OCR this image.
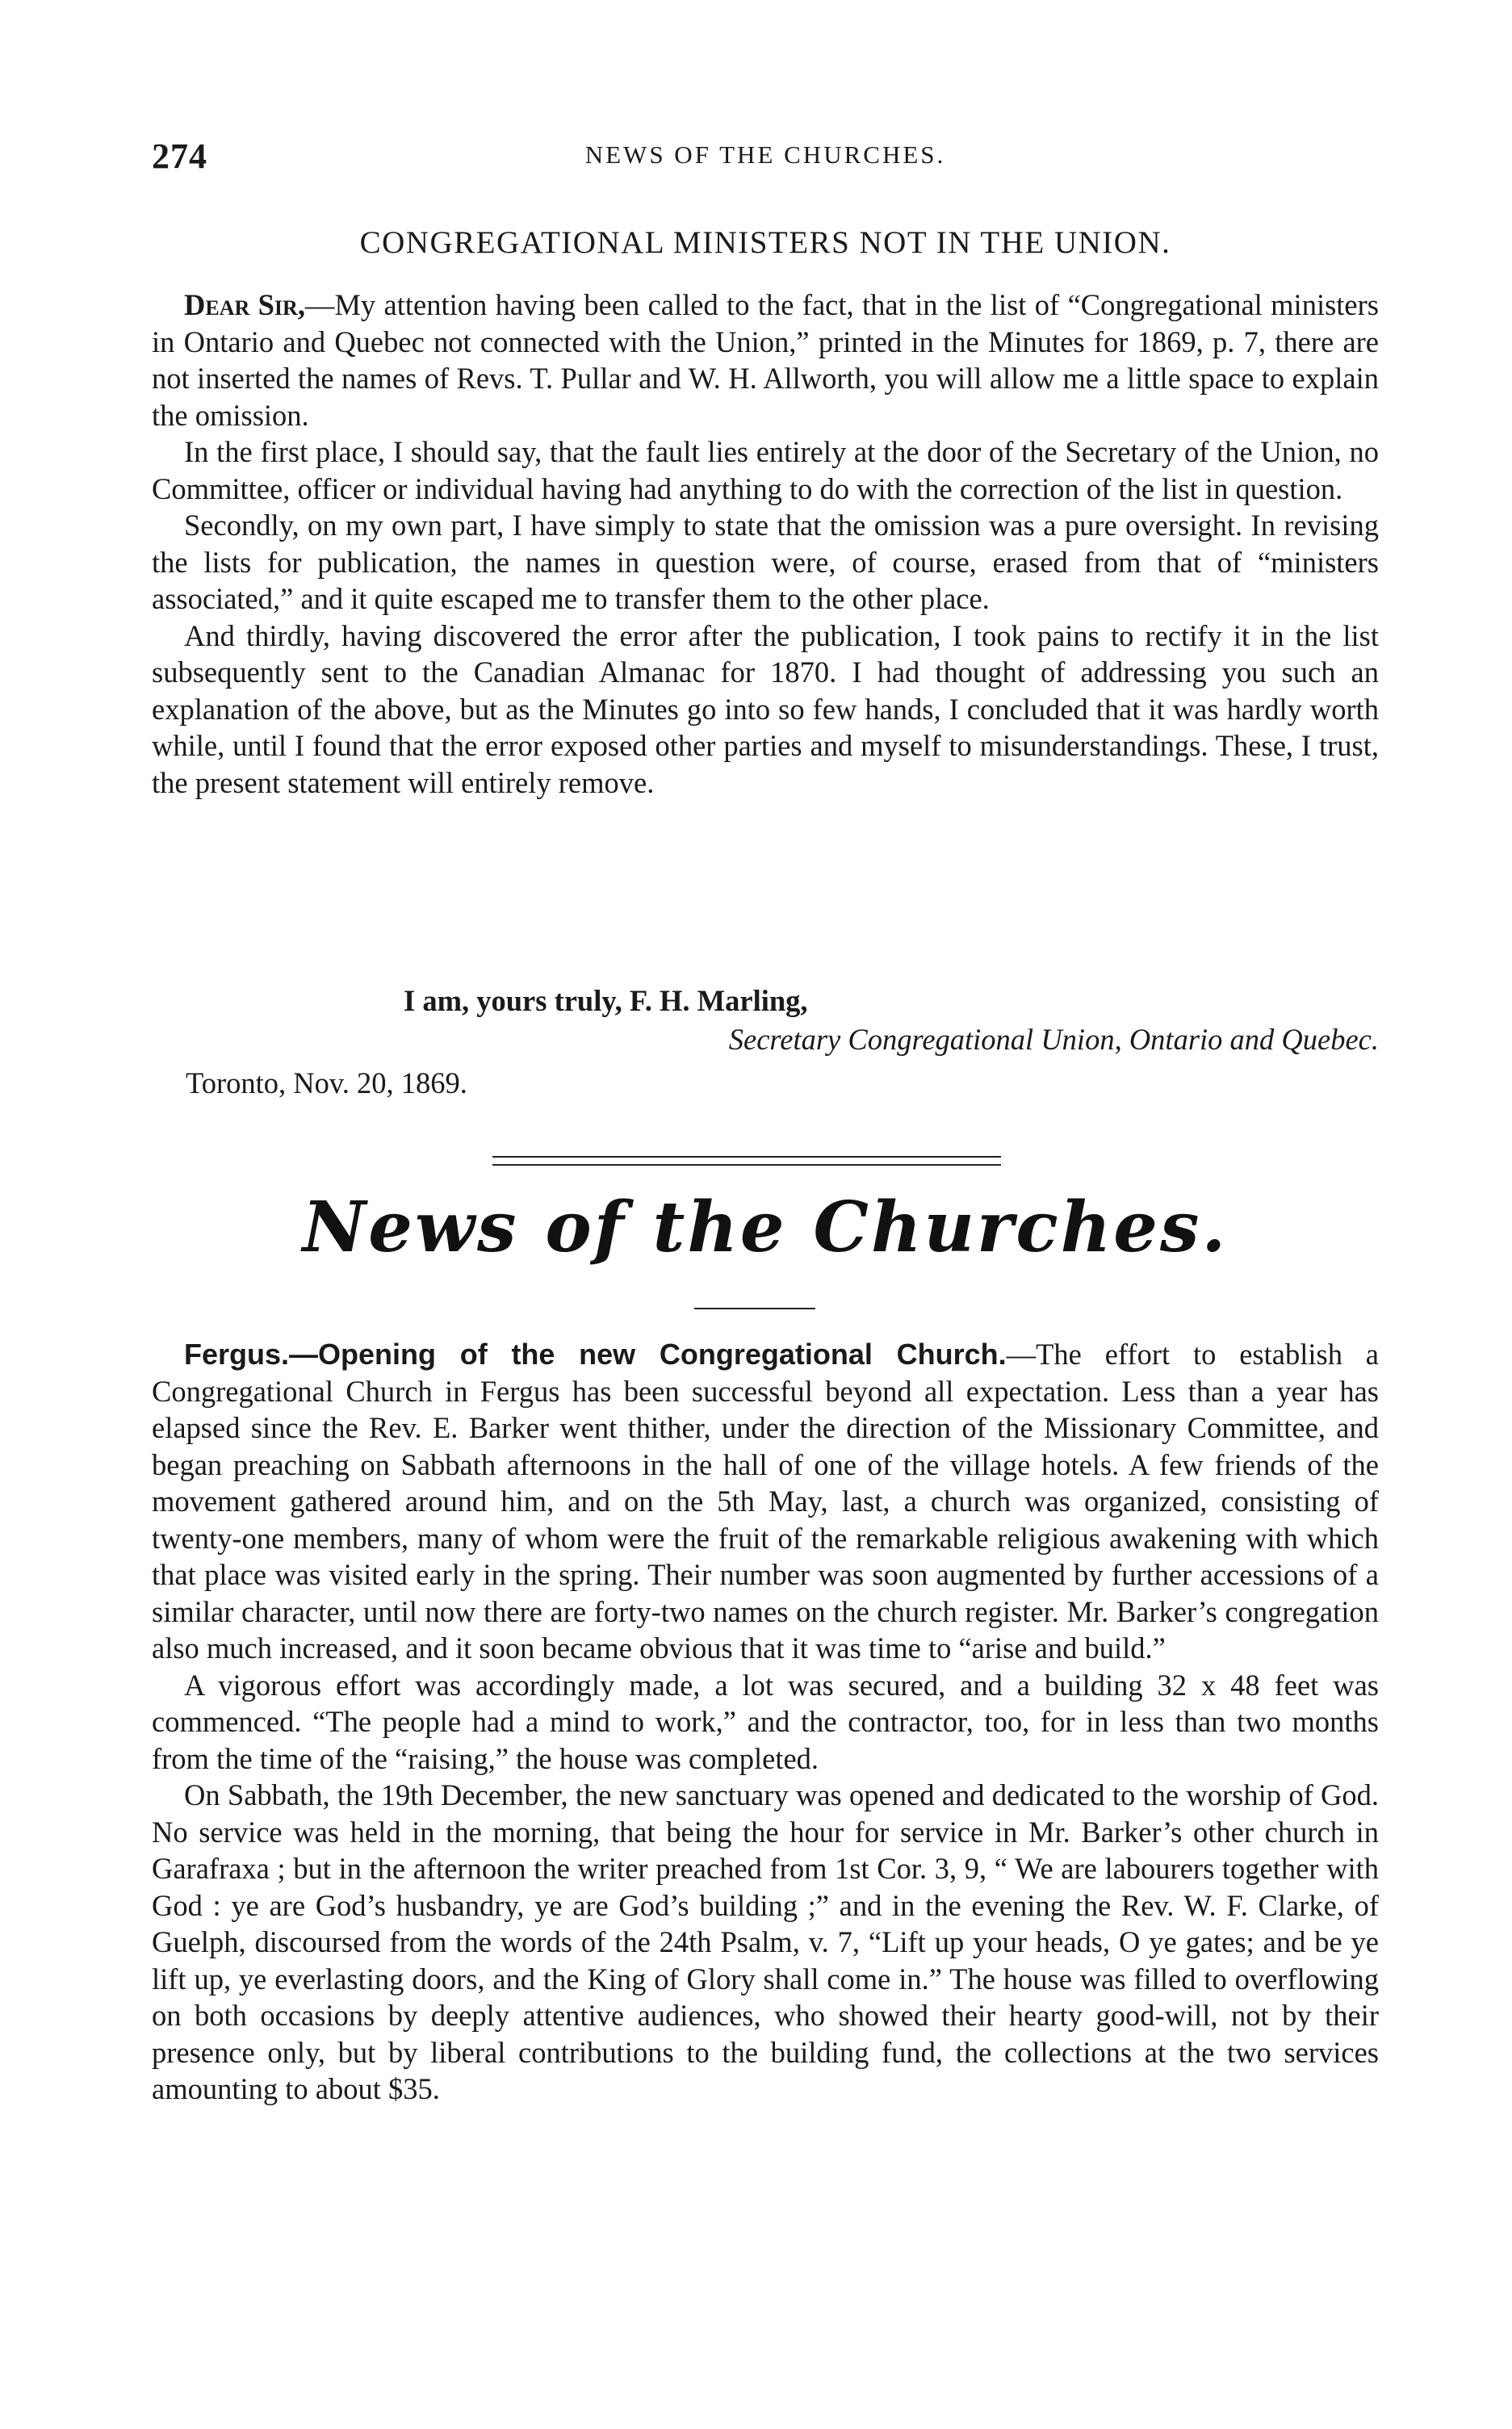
274	NEWS OF THE CHURCHES.
CONGREGATIONAL MINISTERS NOT IN THE UNION.

Dear Sir,—My attention having been called to the fact, that in the list of “Congregational ministers in Ontario and Quebec not connected with the Union,” printed in the Minutes for 1869, p. 7, there are not inserted the names of Revs. T. Pullar and W. H. Allworth, you will allow me a little space to explain the omission.

In the first place, I should say, that the fault lies entirely at the door of the Secretary of the Union, no Committee, officer or individual having had anything to do with the correction of the list in question.

Secondly, on my own part, I have simply to state that the omission was a pure oversight. In revising the lists for publication, the names in question were, of course, erased from that of “ministers associated,” and it quite escaped me to transfer them to the other place.

And thirdly, having discovered the error after the publication, I took pains to rectify it in the list subsequently sent to the Canadian Almanac for 1870. I had thought of addressing you such an explanation of the above, but as the Minutes go into so few hands, I concluded that it was hardly worth while, until I found that the error exposed other parties and myself to misunderstandings. These, I trust, the present statement will entirely remove.

I am, yours truly, F. H. Marling,
Secretary Congregational Union, Ontario and Quebec.
Toronto, Nov. 20, 1869.
News of the Churches.

Fergus.—Opening of the new Congregational Church.—The effort to establish a Congregational Church in Fergus has been successful beyond all expectation. Less than a year has elapsed since the Rev. E. Barker went thither, under the direction of the Missionary Committee, and began preaching on Sabbath afternoons in the hall of one of the village hotels. A few friends of the movement gathered around him, and on the 5th May, last, a church was organized, consisting of twenty-one members, many of whom were the fruit of the remarkable religious awakening with which that place was visited early in the spring. Their number was soon augmented by further accessions of a similar character, until now there are forty-two names on the church register. Mr. Barker’s congregation also much increased, and it soon became obvious that it was time to “arise and build.”

A vigorous effort was accordingly made, a lot was secured, and a building 32 x 48 feet was commenced. “The people had a mind to work,” and the contractor, too, for in less than two months from the time of the “raising,” the house was completed.

On Sabbath, the 19th December, the new sanctuary was opened and dedicated to the worship of God. No service was held in the morning, that being the hour for service in Mr. Barker’s other church in Garafraxa ; but in the afternoon the writer preached from 1st Cor. 3, 9, “ We are labourers together with God : ye are God’s husbandry, ye are God’s building ;” and in the evening the Rev. W. F. Clarke, of Guelph, discoursed from the words of the 24th Psalm, v. 7, “Lift up your heads, O ye gates; and be ye lift up, ye everlasting doors, and the King of Glory shall come in.” The house was filled to overflowing on both occasions by deeply attentive audiences, who showed their hearty good-will, not by their presence only, but by liberal contributions to the building fund, the collections at the two services amounting to about $35.
